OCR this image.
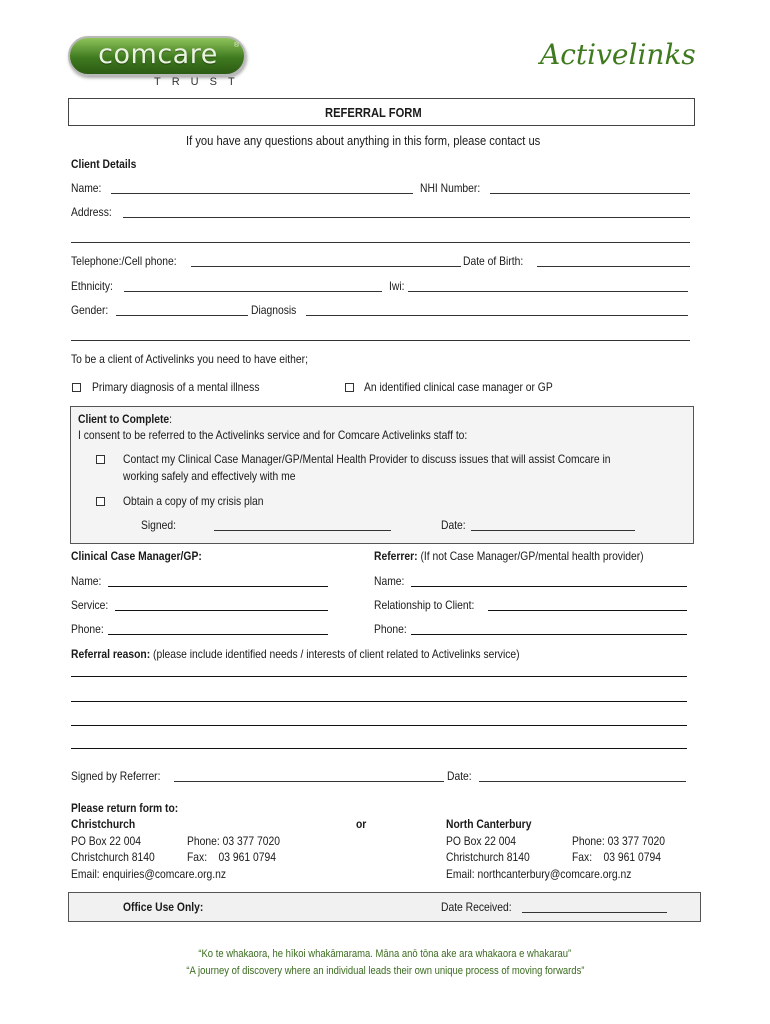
comcare	®
TRUST
Activelinks
REFERRAL FORM
If you have any questions about anything in this form, please contact us
Client Details
Name:	NHI Number:
Address:
Telephone:/Cell phone:	Date of Birth:
Ethnicity:	Iwi:
Gender:	Diagnosis
To be a client of Activelinks you need to have either;
Primary diagnosis of a mental illness	An identified clinical case manager or GP
Client to Complete:
I consent to be referred to the Activelinks service and for Comcare Activelinks staff to:
Contact my Clinical Case Manager/GP/Mental Health Provider to discuss issues that will assist Comcare in
working safely and effectively with me
Obtain a copy of my crisis plan
Signed:	Date:
Clinical Case Manager/GP:	Referrer: (If not Case Manager/GP/mental health provider)
Name:	Name:
Service:	Relationship to Client:
Phone:	Phone:
Referral reason: (please include identified needs / interests of client related to Activelinks service)
Signed by Referrer:	Date:
Please return form to:
Christchurch	or	North Canterbury
PO Box 22 004	Phone: 03 377 7020	PO Box 22 004	Phone: 03 377 7020
Christchurch 8140	Fax: 03 961 0794	Christchurch 8140	Fax: 03 961 0794
Email: enquiries@comcare.org.nz	Email: northcanterbury@comcare.org.nz
Office Use Only:	Date Received:
“Ko te whakaora, he hīkoi whakāmarama. Māna anō tōna ake ara whakaora e whakarau”
“A journey of discovery where an individual leads their own unique process of moving forwards”
